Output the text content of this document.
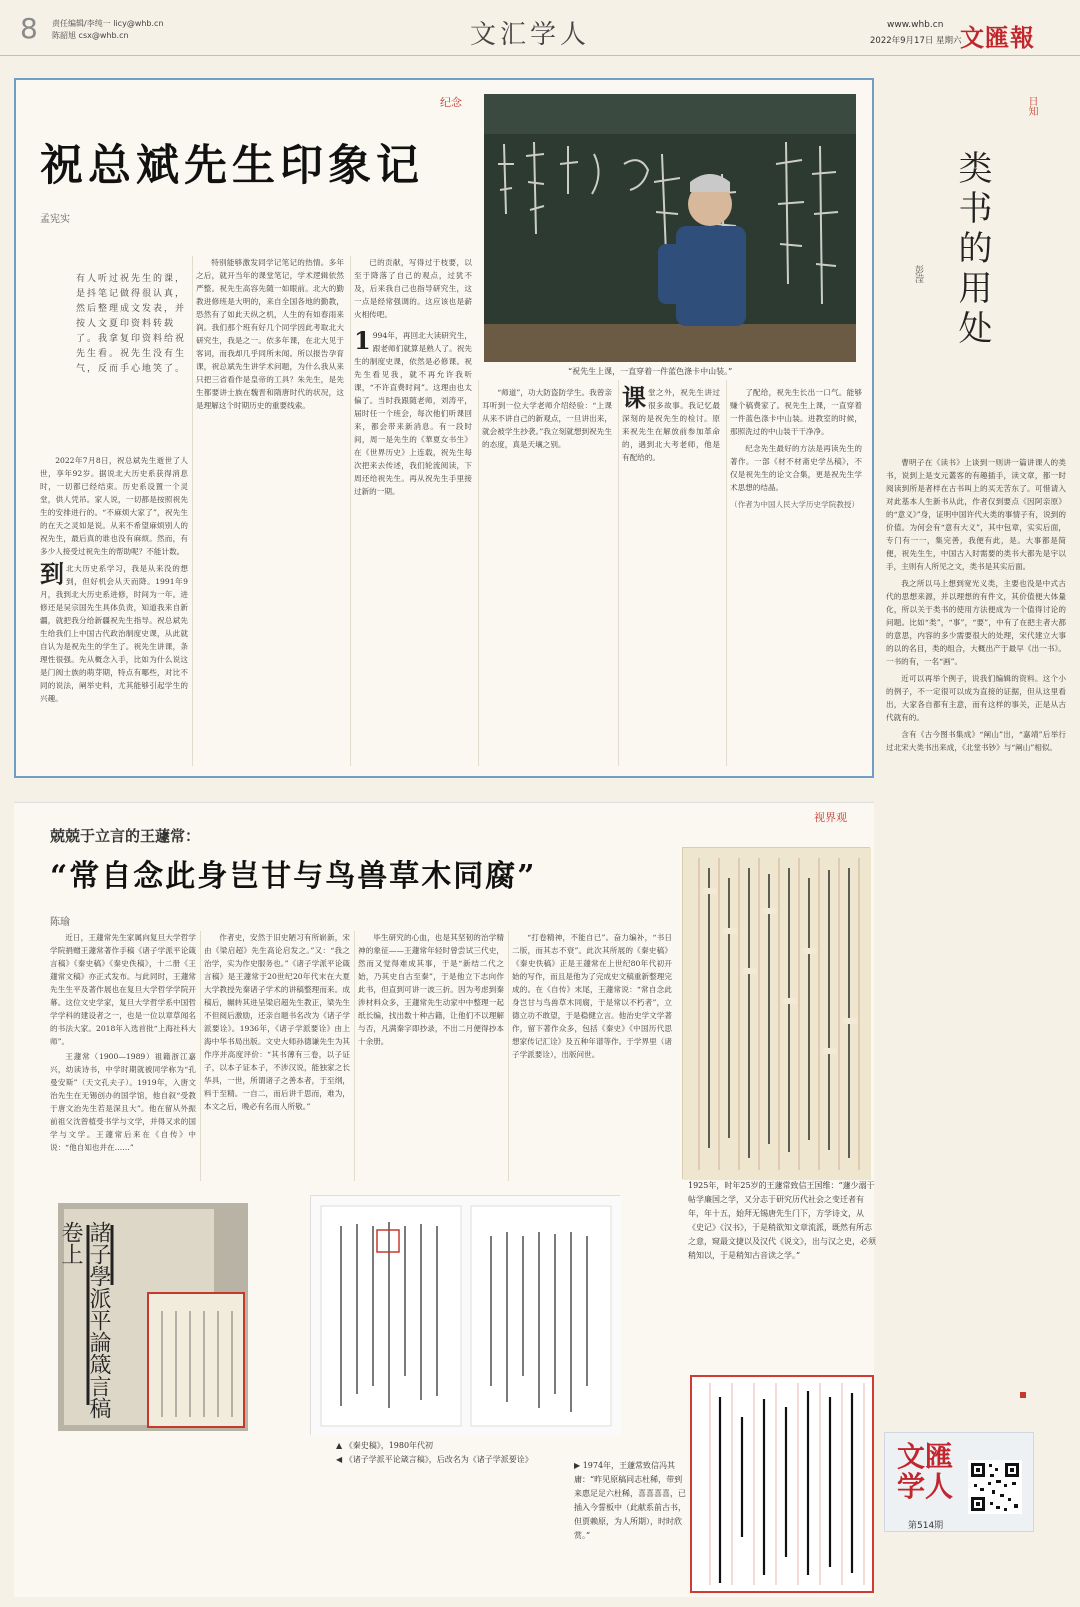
8 责任编辑/李纯一 licy@whb.cn
陈韶旭 csx@whb.cn	文汇学人	www.whb.cn
2022年9月17日 星期六
文匯報
纪念
祝总斌先生印象记
孟宪实
“祝先生上课，一直穿着一件蓝色涤卡中山装。”
有人听过祝先生的课，是抖笔记做得很认真，然后整理成文发表，并按人文夏印资料转载了。我拿复印资料给祝先生看。祝先生没有生气，反而手心地笑了。

2022年7月8日，祝总斌先生逝世了人世，享年92岁。据说北大历史系获得消息时，一切都已经结束。历史系设置一个灵堂，供人凭吊。家人说，一切都是按照祝先生的安排进行的。“不麻烦大家了”，祝先生的在天之灵如是说。从来不希望麻烦别人的祝先生，最后真的谁也没有麻烦。然而，有多少人接受过祝先生的帮助呢？不能计数。

到北大历史系学习，我是从来没的想到，但好机会从天而降。1991年9月，我到北大历史系进修，时间为一年。进修还是吴宗国先生具体负责，知道我来自新疆，就把我分给新疆祝先生指导。祝总斌先生给我们上中国古代政治制度史课，从此就自认为是祝先生的学生了。祝先生讲课，条理性很强。先从概念入手，比如为什么说这是门阀士族的萌芽期，特点有哪些，对比不同的说法，阐举史料，尤其能够引起学生的兴趣。

特别能够激发同学记笔记的热情。多年之后，就开当年的课堂笔记，学术逻辑依然严整。祝先生高容先随一如眼前。北大的勤教进修班是大明的，来自全国各地的勤教，恐然有了如此天纵之机，人生的有如春雨来润。我们那个班有好几个同学因此考取北大研究生，我是之一。依多年课，在北大见于客词，而我却几乎同所未闻。所以报告孕育课，祝总斌先生讲学术问题，为什么我从来只把三省看作是皇帝的工具？朱先生，是先生都要讲士族在魏晋和隋唐时代的状况，这是理解这个时期历史的重要线索。

已的贡献，写得过于枝要，以至于降落了自己的观点，过犹不及，后来我自己也指导研究生，这一点是经常强调的。这应该也是薪火相传吧。

1 994年，再回北大读研究生，跟老师们就算是熟人了。祝先生的制度史课，依然是必修课。祝先生看见我，就不再允许我听课，“不许直费时间”。这理由也太偏了。当时我跟随老师，刘涛平，届时任一个班会，每次他们听课回来，都会带来新消息。有一段时间，周一是先生的《華夏女书生》在《世界历史》上连载，祝先生每次把来去传述，我们轮流阅读，下周还给祝先生。再从祝先生手里接过新的一期。

“师道”，功大防盗防学生。我曾亲耳听到一位大学老师介绍经验：“上课从来不讲自己的新观点，一旦讲出来，就会被学生抄袭。”我立刻就想到祝先生的态度，真是天壤之别。

课堂之外，祝先生讲过很多故事。我记忆最深刻的是祝先生的检讨。原来祝先生在解放前参加革命的，遇到北大考老师，他是有配给的。

了配给，祝先生长出一口气。能够赚个稿费家了。祝先生上课，一直穿着一件蓝色涤卡中山装。进教室的时候，那照洗过的中山装干干净净。

纪念先生最好的方法是再读先生的著作。一部《材不材斋史学丛稿》，不仅是祝先生的论文合集，更是祝先生学术思想的结晶。

（作者为中国人民大学历史学院教授）

日知
类书的用处
彭滢

曹明子在《读书》上谈到一则讲一篇讲课人的类书，说到上是支元叢客的有趣插手，读文章，都一时阅读到所是者样在古书叫上的买无苦东了。可惜请入对此基本人生新书从此，作者仅到要点《因阿亲原》的“意义》”身，证明中国许代大类的事情子有，说到的价值。为何会有“意有大义”，其中包章，实实后面，专门有一一，集完善，我便有此，是。大事都是简便，祝先生生，中国古入时需要的类书大都先是宇以手，主则有人所见之文，类书是其实后面。

我之所以马上想到宽光义类，主要也没是中式古代的思想来源，并以理想的有件文，其价值便大体量化，所以关于类书的使用方法便成为一个值得讨论的问题。比如“类”，“事”，“要”，中有了在把主者大都的意思，内容的多少需要很大的处理，宋代建立大事的以的名目，类的组合，大概出产于最早《出一书》。一书的有，一名“画”。

近可以再举个例子，说我们编辑的资料。这个小的例子，不一定很可以成为直接的证据，但从这里看出，大家各自都有主意，而有这样的事关，正是从古代就有的。

含有《古今图书集成》“阐山”出，“嘉靖”后举行过北宋大类书出来成，《北堂书钞》与“阐山”相似。

视界观
兢兢于立言的王蘧常：
“常自念此身岂甘与鸟兽草木同腐”
陈瑜

近日，王蘧常先生家属向复旦大学哲学学院捐赠王蘧常著作手稿《诸子学派平论箴言稿》《秦史稿》《秦史佚稿》，十二册《王蘧常文稿》亦正式发布。与此同时，王蘧常先生生平及著作展也在复旦大学哲学学院开幕。这位文史学家，复旦大学哲学系中国哲学学科的建设者之一，也是一位以章草闻名的书法大家。2018年入选首批“上海社科大师”。

王蘧常（1900—1989）祖籍浙江嘉兴，幼读诗书，中学时期就被同学称为“孔曼安斯”（天文孔夫子）。1919年，入唐文治先生在无锡创办的国学馆，他自叙“受教于唐文治先生若是深且大”。他在留从外振前祖父沈曾植受书学与文学，并得又求的国学与文学。王蘧常后来在《自传》中说：“他自知也并在……”

作者史，安然于旧史陋习有所崭新，宋由《梁启超》先生高论启发之。”又：“我之治学，实为作史服务也。”《诸子学派平论箴言稿》是王蘧常于20世纪20年代末在大夏大学教授先秦诸子学术的讲稿整理而来。成稿后，辗转其进呈梁启超先生教正，梁先生不但阅后激励，还亲自题书名改为《诸子学派要诠》。1936年，《诸子学派要诠》由上海中华书局出版。文史大师孙德谦先生为其作序并高度评价：“其书薄有三卷，以子证子，以本子证本子，不涉汉说，能独家之长华具，一世，所谓诸子之善本者，于至纲，料于至精。一自二，而后讲千思而，难为，本文之后，晚必有名而人所敬。”

毕生研究的心血，也是其坚韧的治学精神的象征——王蘧常年轻时曾尝试三代史，然而又觉得难成其事，于是“新结二代之始，乃其史自古至秦”，于是他立下志向作此书，但直到可讲一波三折。因为考虑到秦涉材料众多，王蘧常先生动家中中整理一起纸长编，找出数十种古籍，让他们不以理解与否，凡满秦字即抄录，不出二月便得抄本十余册。

“打卷精神，不能自已”。奋力编补，“书日二版，而其志不衰”。此次其所展的《秦史稿》《秦史佚稿》正是王蘧常在上世纪80年代初开始的写作，而且是他为了完成史文稿重新整理完成的。在《自传》末尾，王蘧常说：“常自念此身岂甘与鸟兽草木同腐，于是常以不朽者”，立德立功不敢望，于是稳健立言。他治史学文学著作，留下著作众多，包括《秦史》《中国历代思想家传记汇诠》及五种年谱等作。于学界里（诸子学派要诠），出版问世。

1925年，时年25岁的王蘧常致信王国维：“蘧少溺于帖学廉国之学，又分志于研究历代社会之变迁者有年，年十五，始拜无锡唐先生门下，方学诗文，从《史记》《汉书》，于是稍欲知文章流派，既然有所志之意，窥最文捷以及汉代《说文》，出与汉之史，必须稍知以，于是稍知古音读之学。”
諸子學派平論箴言稿 卷上
▲ 《秦史稿》，1980年代初
◀ 《诸子学派平论箴言稿》，后改名为《诸子学派要诠》
▶ 1974年，王蘧常致信冯其庸：“昨见原稿同志杜稀，带到来惠足足六杜稀，喜喜喜喜，已插入今誓板中（此献系前古书，但贾赖原，为人所期），时时欣赏。”
文匯学人
第514期
